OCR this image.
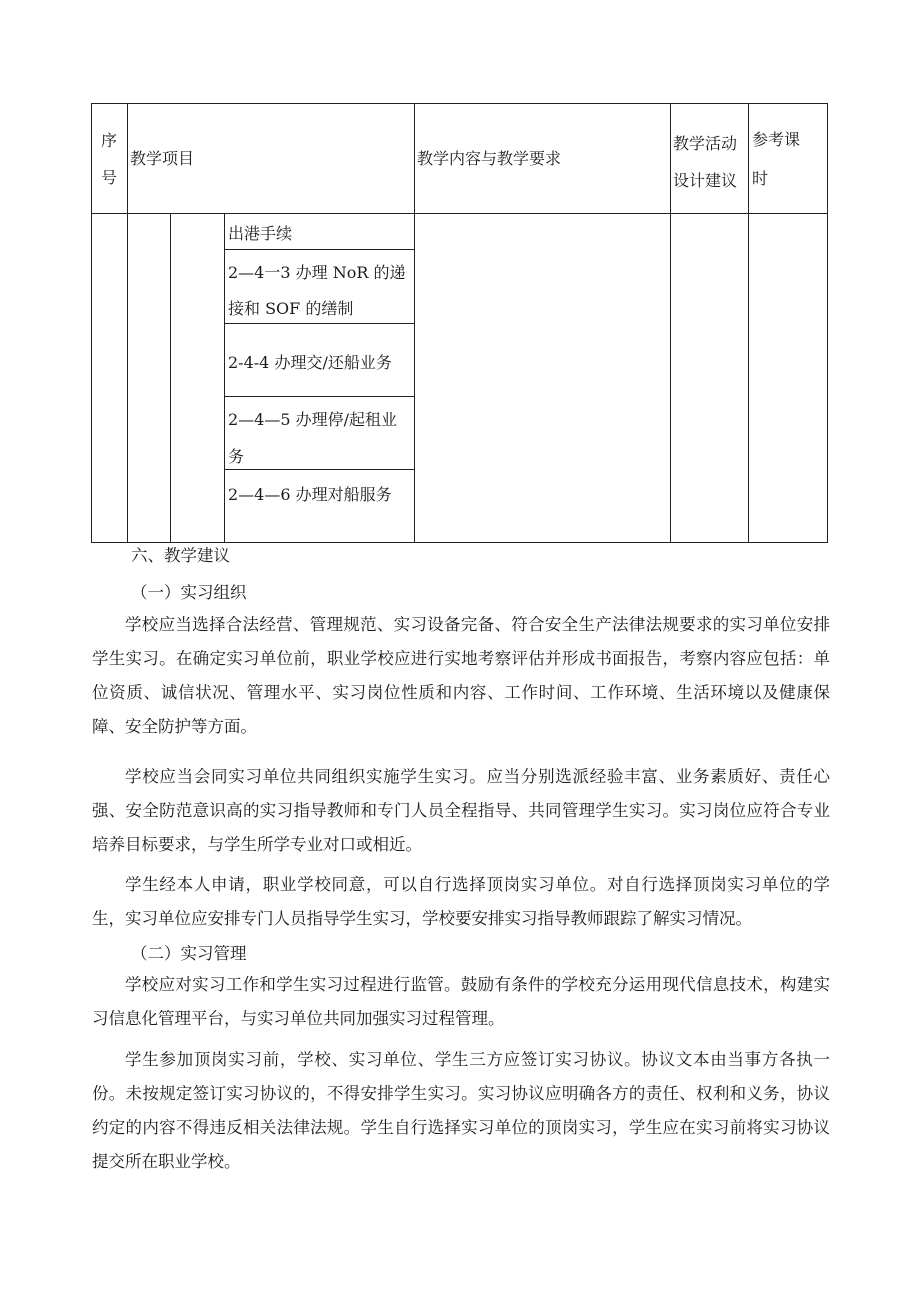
序
号
教学项目	教学内容与教学要求
教学活动
设计建议
参考课
时
出港手续
2—4一3 办理 NoR 的递
接和 SOF 的缮制
2-4-4 办理交/还船业务
2—4—5 办理停/起租业
务
2—4—6 办理对船服务
六、教学建议
（一）实习组织
学校应当选择合法经营、管理规范、实习设备完备、符合安全生产法律法规要求的实习单位安排学生实习。在确定实习单位前，职业学校应进行实地考察评估并形成书面报告，考察内容应包括：单位资质、诚信状况、管理水平、实习岗位性质和内容、工作时间、工作环境、生活环境以及健康保障、安全防护等方面。
学校应当会同实习单位共同组织实施学生实习。应当分别选派经验丰富、业务素质好、责任心强、安全防范意识高的实习指导教师和专门人员全程指导、共同管理学生实习。实习岗位应符合专业培养目标要求，与学生所学专业对口或相近。
学生经本人申请，职业学校同意，可以自行选择顶岗实习单位。对自行选择顶岗实习单位的学生，实习单位应安排专门人员指导学生实习，学校要安排实习指导教师跟踪了解实习情况。
（二）实习管理
学校应对实习工作和学生实习过程进行监管。鼓励有条件的学校充分运用现代信息技术，构建实习信息化管理平台，与实习单位共同加强实习过程管理。
学生参加顶岗实习前，学校、实习单位、学生三方应签订实习协议。协议文本由当事方各执一份。未按规定签订实习协议的，不得安排学生实习。实习协议应明确各方的责任、权利和义务，协议约定的内容不得违反相关法律法规。学生自行选择实习单位的顶岗实习，学生应在实习前将实习协议提交所在职业学校。
